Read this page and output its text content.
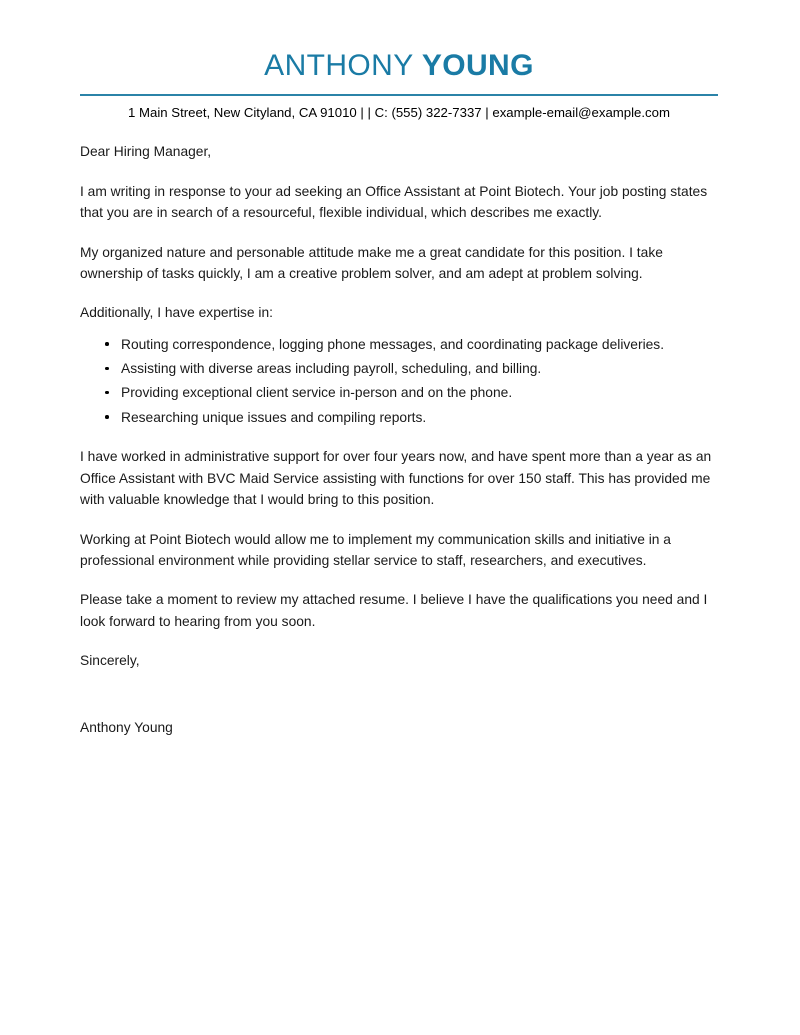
ANTHONY YOUNG
1 Main Street, New Cityland, CA 91010 | | C: (555) 322-7337 | example-email@example.com

Dear Hiring Manager,

I am writing in response to your ad seeking an Office Assistant at Point Biotech. Your job posting states that you are in search of a resourceful, flexible individual, which describes me exactly.

My organized nature and personable attitude make me a great candidate for this position. I take ownership of tasks quickly, I am a creative problem solver, and am adept at problem solving.

Additionally, I have expertise in:

Routing correspondence, logging phone messages, and coordinating package deliveries.
Assisting with diverse areas including payroll, scheduling, and billing.
Providing exceptional client service in-person and on the phone.
Researching unique issues and compiling reports.

I have worked in administrative support for over four years now, and have spent more than a year as an Office Assistant with BVC Maid Service assisting with functions for over 150 staff. This has provided me with valuable knowledge that I would bring to this position.

Working at Point Biotech would allow me to implement my communication skills and initiative in a professional environment while providing stellar service to staff, researchers, and executives.

Please take a moment to review my attached resume. I believe I have the qualifications you need and I look forward to hearing from you soon.

Sincerely,

Anthony Young
